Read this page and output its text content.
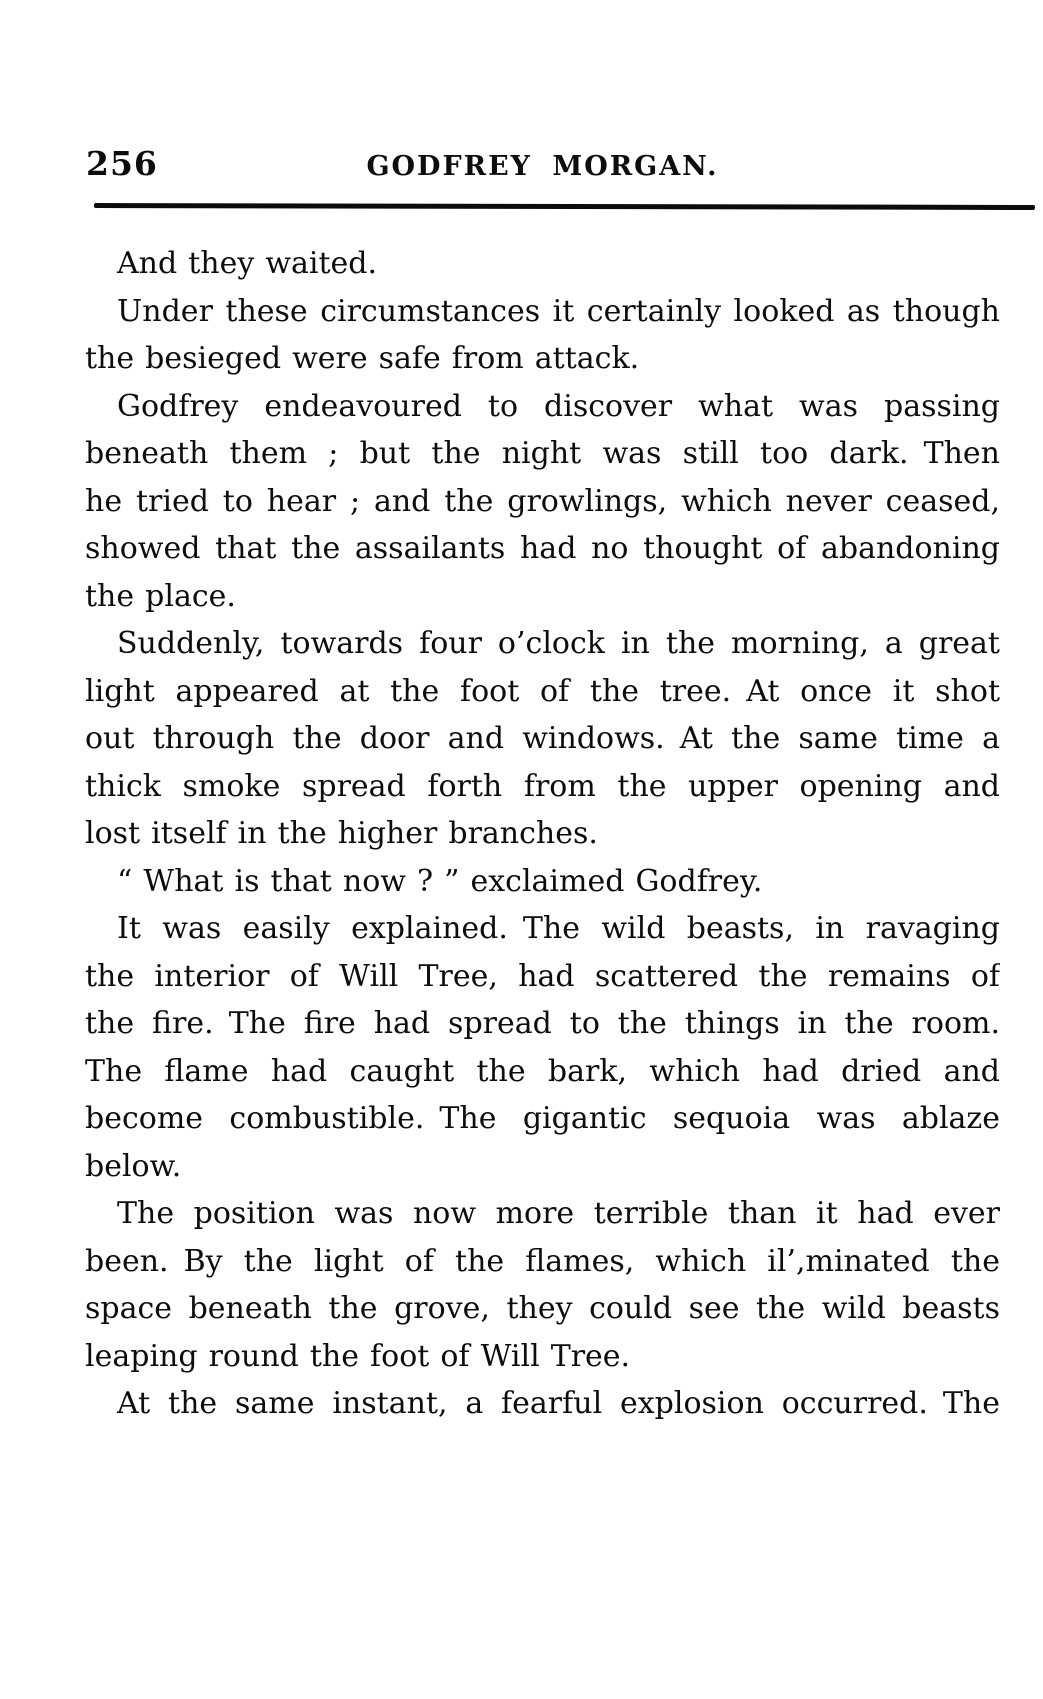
256	GODFREY MORGAN.
And they waited.
Under these circumstances it certainly looked as though
the besieged were safe from attack.
Godfrey endeavoured to discover what was passing
beneath them ; but the night was still too dark. Then
he tried to hear ; and the growlings, which never ceased,
showed that the assailants had no thought of abandoning
the place.
Suddenly, towards four o’clock in the morning, a great
light appeared at the foot of the tree. At once it shot
out through the door and windows. At the same time a
thick smoke spread forth from the upper opening and
lost itself in the higher branches.
“ What is that now ? ” exclaimed Godfrey.
It was easily explained. The wild beasts, in ravaging
the interior of Will Tree, had scattered the remains of
the fire. The fire had spread to the things in the room.
The flame had caught the bark, which had dried and
become combustible. The gigantic sequoia was ablaze
below.
The position was now more terrible than it had ever
been. By the light of the flames, which il’,minated the
space beneath the grove, they could see the wild beasts
leaping round the foot of Will Tree.
At the same instant, a fearful explosion occurred. The
